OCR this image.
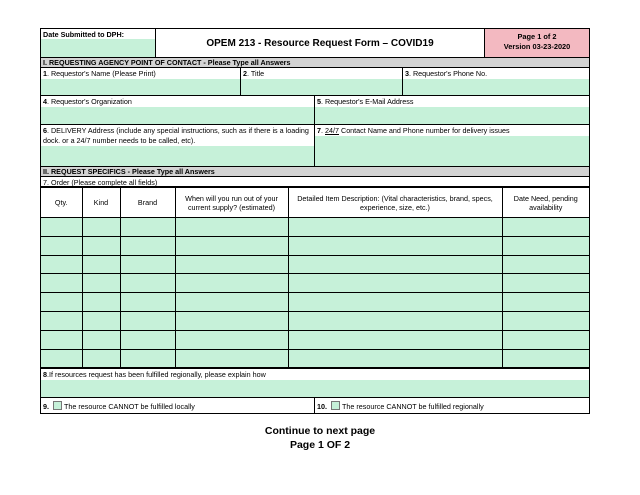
Date Submitted to DPH:
OPEM 213 - Resource Request Form – COVID19
Page 1 of 2
Version 03-23-2020
I. REQUESTING AGENCY POINT OF CONTACT - Please Type all Answers
1. Requestor's Name (Please Print)	2. Title	3. Requestor's Phone No.
4. Requestor's Organization	5. Requestor's E-Mail Address
6. DELIVERY Address (include any special instructions, such as if there is a loading
dock. or a 24/7 number needs to be called, etc).
7. 24/7 Contact Name and Phone number for delivery issues
II. REQUEST SPECIFICS - Please Type all Answers
7. Order (Please complete all fields)
Qty.	Kind	Brand	When will you run out of your current supply? (estimated)	Detailed Item Description: (Vital characteristics, brand, specs, experience, size, etc.)	Date Need, pending availability

8.If resources request has been fulfilled regionally, please explain how
9. The resource CANNOT be fulfilled locally	10. The resource CANNOT be fulfilled regionally
Continue to next page
Page 1 OF 2
